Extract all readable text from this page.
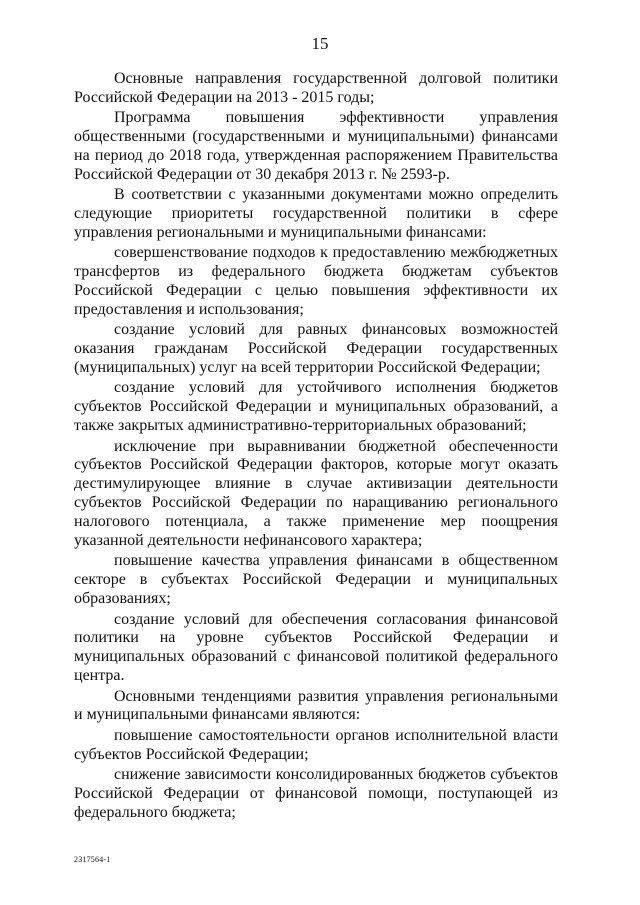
15

Основные направления государственной долговой политики Российской Федерации на 2013 - 2015 годы;

Программа повышения эффективности управления общественными (государственными и муниципальными) финансами на период до 2018 года, утвержденная распоряжением Правительства Российской Федерации от 30 декабря 2013 г. № 2593-р.

В соответствии с указанными документами можно определить следующие приоритеты государственной политики в сфере управления региональными и муниципальными финансами:

совершенствование подходов к предоставлению межбюджетных трансфертов из федерального бюджета бюджетам субъектов Российской Федерации с целью повышения эффективности их предоставления и использования;

создание условий для равных финансовых возможностей оказания гражданам Российской Федерации государственных (муниципальных) услуг на всей территории Российской Федерации;

создание условий для устойчивого исполнения бюджетов субъектов Российской Федерации и муниципальных образований, а также закрытых административно-территориальных образований;

исключение при выравнивании бюджетной обеспеченности субъектов Российской Федерации факторов, которые могут оказать дестимулирующее влияние в случае активизации деятельности субъектов Российской Федерации по наращиванию регионального налогового потенциала, а также применение мер поощрения указанной деятельности нефинансового характера;

повышение качества управления финансами в общественном секторе в субъектах Российской Федерации и муниципальных образованиях;

создание условий для обеспечения согласования финансовой политики на уровне субъектов Российской Федерации и муниципальных образований с финансовой политикой федерального центра.

Основными тенденциями развития управления региональными и муниципальными финансами являются:

повышение самостоятельности органов исполнительной власти субъектов Российской Федерации;

снижение зависимости консолидированных бюджетов субъектов Российской Федерации от финансовой помощи, поступающей из федерального бюджета;

2317564-1
